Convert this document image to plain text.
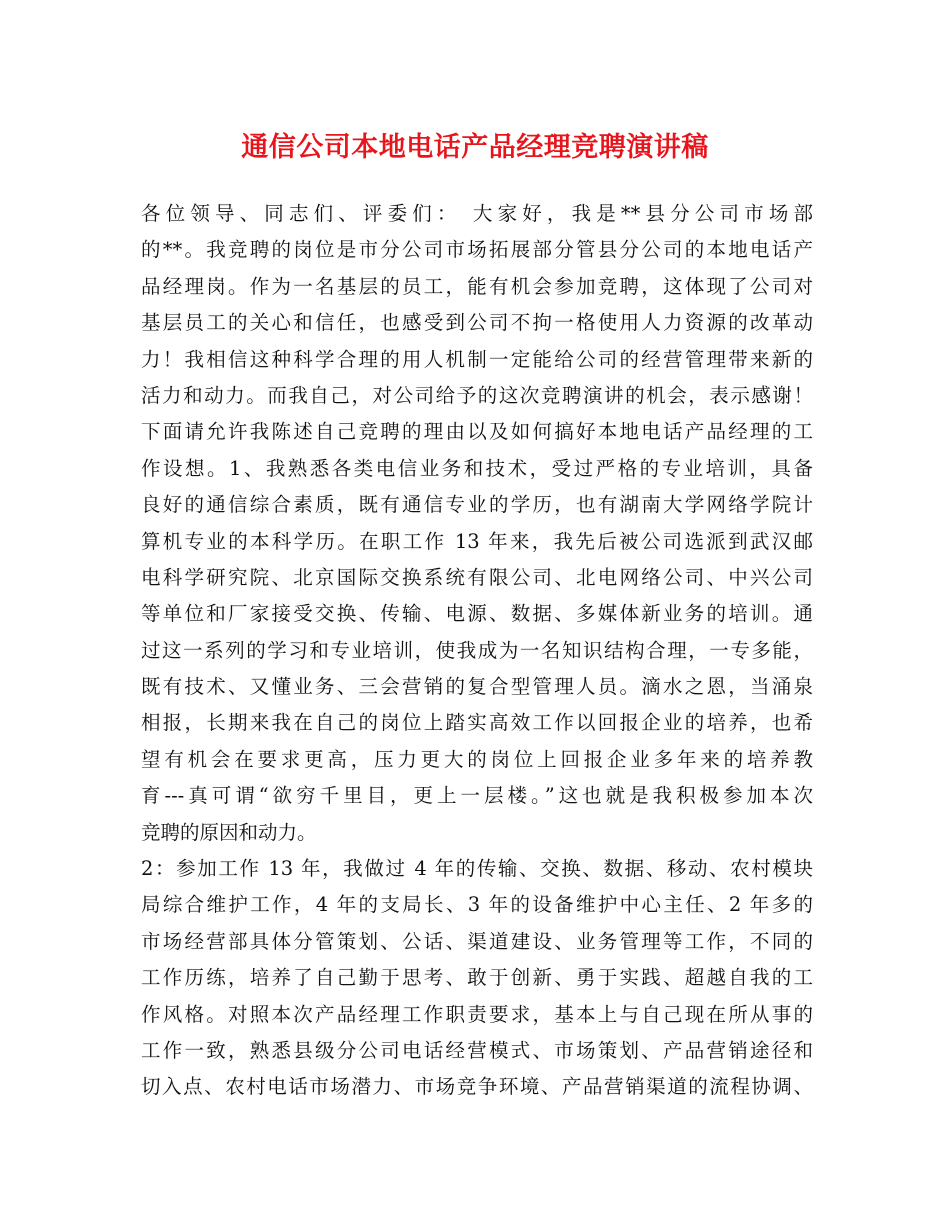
通信公司本地电话产品经理竞聘演讲稿
各位领导、同志们、评委们： 大家好，我是**县分公司市场部
的**。我竞聘的岗位是市分公司市场拓展部分管县分公司的本地电话产
品经理岗。作为一名基层的员工，能有机会参加竞聘，这体现了公司对
基层员工的关心和信任，也感受到公司不拘一格使用人力资源的改革动
力！我相信这种科学合理的用人机制一定能给公司的经营管理带来新的
活力和动力。而我自己，对公司给予的这次竞聘演讲的机会，表示感谢！
下面请允许我陈述自己竞聘的理由以及如何搞好本地电话产品经理的工
作设想。1、我熟悉各类电信业务和技术，受过严格的专业培训，具备
良好的通信综合素质，既有通信专业的学历，也有湖南大学网络学院计
算机专业的本科学历。在职工作 13 年来，我先后被公司选派到武汉邮
电科学研究院、北京国际交换系统有限公司、北电网络公司、中兴公司
等单位和厂家接受交换、传输、电源、数据、多媒体新业务的培训。通
过这一系列的学习和专业培训，使我成为一名知识结构合理，一专多能，
既有技术、又懂业务、三会营销的复合型管理人员。滴水之恩，当涌泉
相报，长期来我在自己的岗位上踏实高效工作以回报企业的培养，也希
望有机会在要求更高，压力更大的岗位上回报企业多年来的培养教
育---真可谓“欲穷千里目，更上一层楼。”这也就是我积极参加本次
竞聘的原因和动力。
2：参加工作 13 年，我做过 4 年的传输、交换、数据、移动、农村模块
局综合维护工作，4 年的支局长、3 年的设备维护中心主任、2 年多的
市场经营部具体分管策划、公话、渠道建设、业务管理等工作，不同的
工作历练，培养了自己勤于思考、敢于创新、勇于实践、超越自我的工
作风格。对照本次产品经理工作职责要求，基本上与自己现在所从事的
工作一致，熟悉县级分公司电话经营模式、市场策划、产品营销途径和
切入点、农村电话市场潜力、市场竞争环境、产品营销渠道的流程协调、
